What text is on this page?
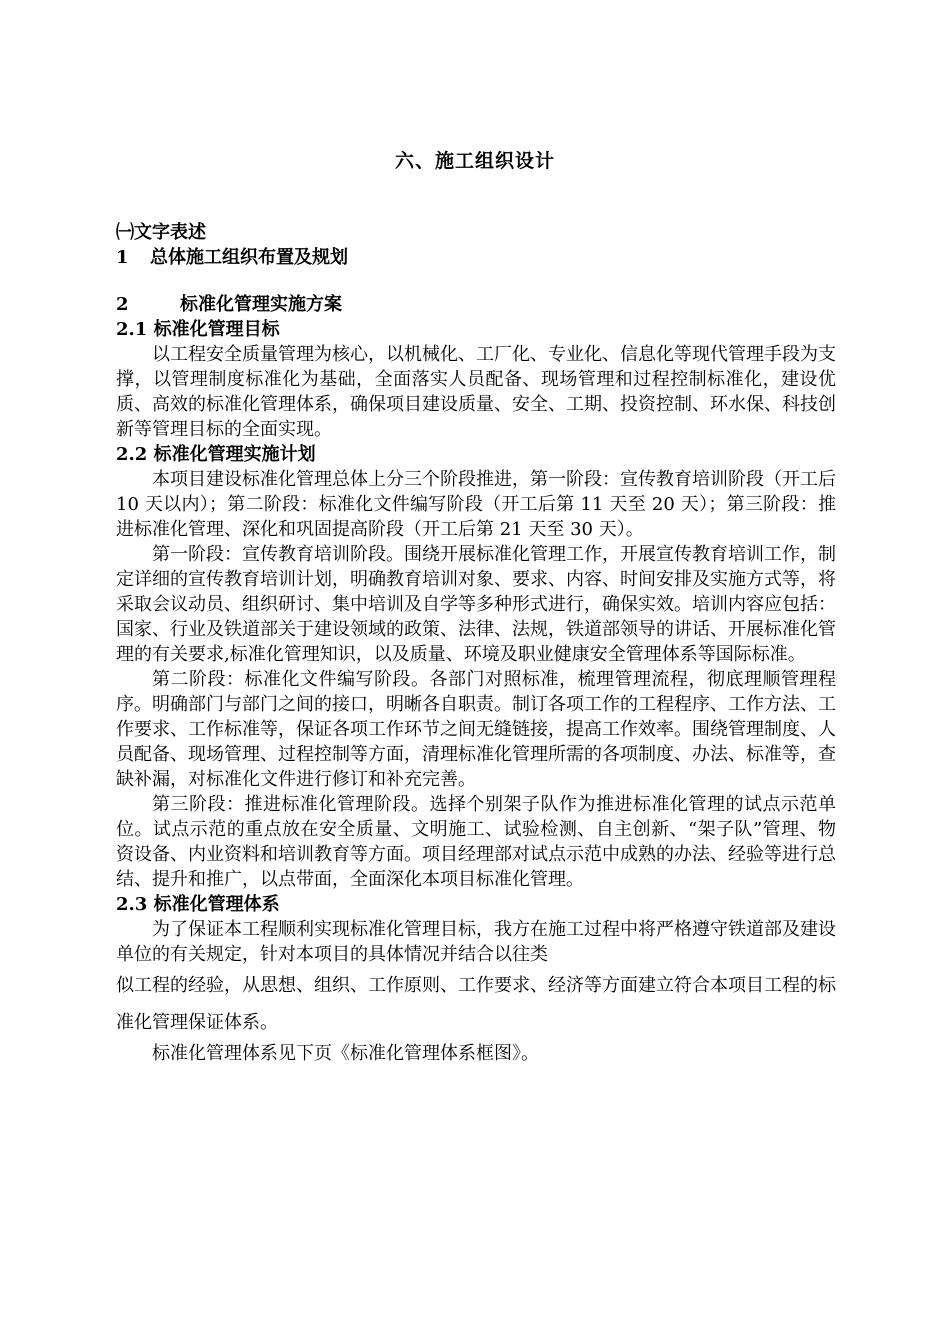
六、施工组织设计

㈠文字表述

1 总体施工组织布置及规划

2	标准化管理实施方案

2.1 标准化管理目标

以工程安全质量管理为核心，以机械化、工厂化、专业化、信息化等现代管理手段为支撑，以管理制度标准化为基础，全面落实人员配备、现场管理和过程控制标准化，建设优质、高效的标准化管理体系，确保项目建设质量、安全、工期、投资控制、环水保、科技创新等管理目标的全面实现。

2.2 标准化管理实施计划

本项目建设标准化管理总体上分三个阶段推进，第一阶段：宣传教育培训阶段（开工后 10 天以内）；第二阶段：标准化文件编写阶段（开工后第 11 天至 20 天）；第三阶段：推进标准化管理、深化和巩固提高阶段（开工后第 21 天至 30 天）。

第一阶段：宣传教育培训阶段。围绕开展标准化管理工作，开展宣传教育培训工作，制定详细的宣传教育培训计划，明确教育培训对象、要求、内容、时间安排及实施方式等，将采取会议动员、组织研讨、集中培训及自学等多种形式进行，确保实效。培训内容应包括：国家、行业及铁道部关于建设领域的政策、法律、法规，铁道部领导的讲话、开展标准化管理的有关要求,标准化管理知识，以及质量、环境及职业健康安全管理体系等国际标准。

第二阶段：标准化文件编写阶段。各部门对照标准，梳理管理流程，彻底理顺管理程序。明确部门与部门之间的接口，明晰各自职责。制订各项工作的工程程序、工作方法、工作要求、工作标准等，保证各项工作环节之间无缝链接，提高工作效率。围绕管理制度、人员配备、现场管理、过程控制等方面，清理标准化管理所需的各项制度、办法、标准等，查缺补漏，对标准化文件进行修订和补充完善。

第三阶段：推进标准化管理阶段。选择个别架子队作为推进标准化管理的试点示范单位。试点示范的重点放在安全质量、文明施工、试验检测、自主创新、“架子队”管理、物资设备、内业资料和培训教育等方面。项目经理部对试点示范中成熟的办法、经验等进行总结、提升和推广，以点带面，全面深化本项目标准化管理。

2.3 标准化管理体系

为了保证本工程顺利实现标准化管理目标，我方在施工过程中将严格遵守铁道部及建设单位的有关规定，针对本项目的具体情况并结合以往类

似工程的经验，从思想、组织、工作原则、工作要求、经济等方面建立符合本项目工程的标准化管理保证体系。

标准化管理体系见下页《标准化管理体系框图》。
